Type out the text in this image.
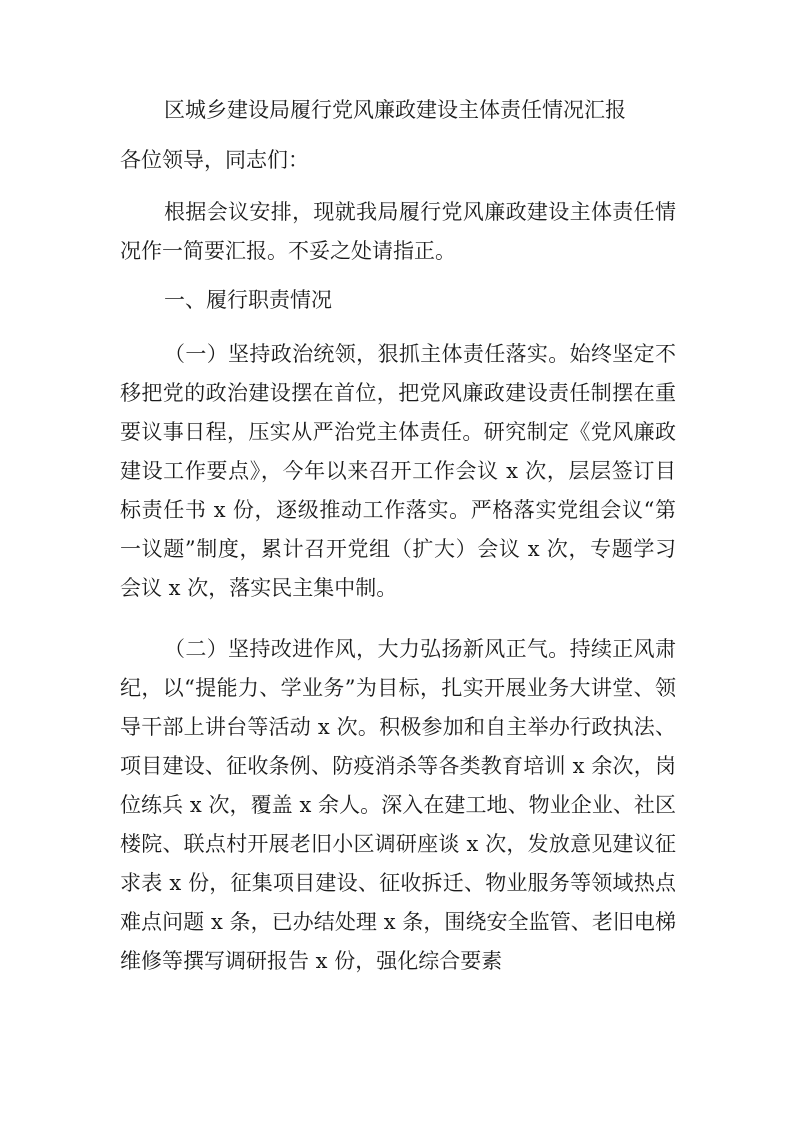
区城乡建设局履行党风廉政建设主体责任情况汇报
各位领导，同志们：

根据会议安排，现就我局履行党风廉政建设主体责任情况作一简要汇报。不妥之处请指正。

一、履行职责情况

（一）坚持政治统领，狠抓主体责任落实。始终坚定不移把党的政治建设摆在首位，把党风廉政建设责任制摆在重要议事日程，压实从严治党主体责任。研究制定《党风廉政建设工作要点》，今年以来召开工作会议 x 次，层层签订目标责任书 x 份，逐级推动工作落实。严格落实党组会议“第一议题”制度，累计召开党组（扩大）会议 x 次，专题学习会议 x 次，落实民主集中制。

（二）坚持改进作风，大力弘扬新风正气。持续正风肃纪，以“提能力、学业务”为目标，扎实开展业务大讲堂、领导干部上讲台等活动 x 次。积极参加和自主举办行政执法、项目建设、征收条例、防疫消杀等各类教育培训 x 余次，岗位练兵 x 次，覆盖 x 余人。深入在建工地、物业企业、社区楼院、联点村开展老旧小区调研座谈 x 次，发放意见建议征求表 x 份，征集项目建设、征收拆迁、物业服务等领域热点难点问题 x 条，已办结处理 x 条，围绕安全监管、老旧电梯维修等撰写调研报告 x 份，强化综合要素
